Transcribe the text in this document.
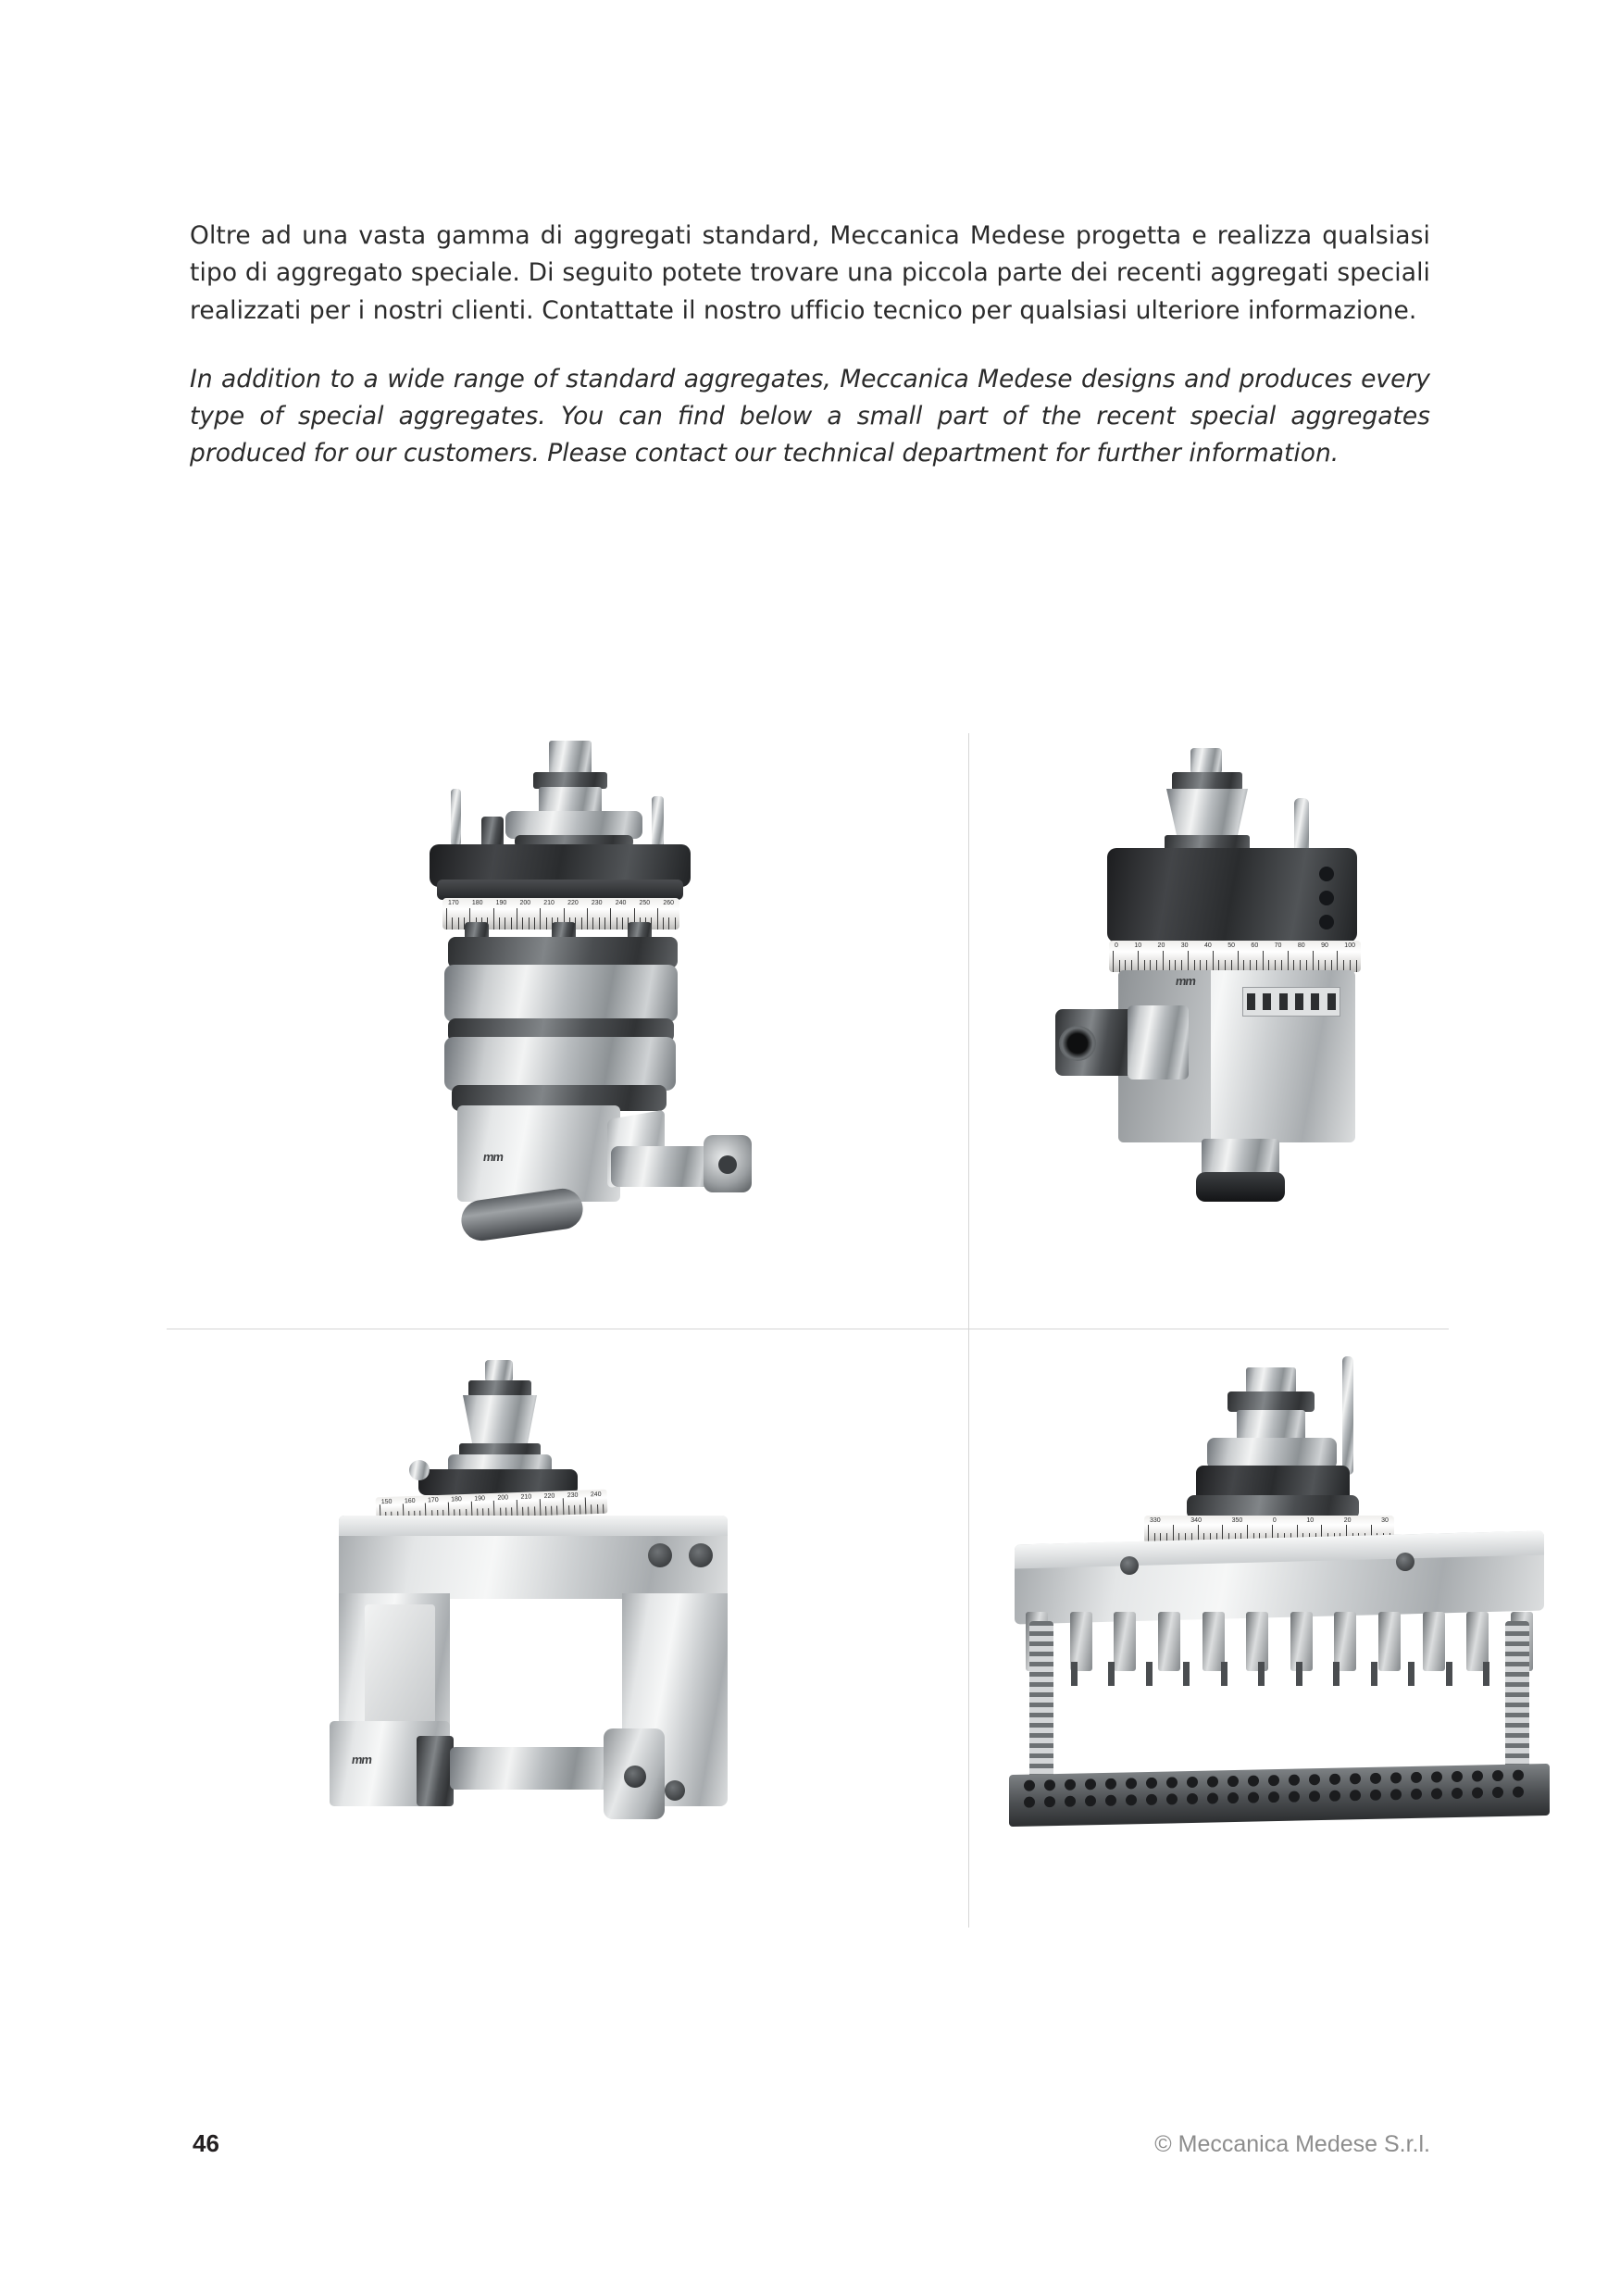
Oltre ad una vasta gamma di aggregati standard, Meccanica Medese progetta e realizza qualsiasi tipo di aggregato speciale. Di seguito potete trovare una piccola parte dei recenti aggregati speciali realizzati per i nostri clienti. Contattate il nostro ufficio tecnico per qualsiasi ulteriore informazione.

In addition to a wide range of standard aggregates, Meccanica Medese designs and produces every type of special aggregates. You can find below a small part of the recent special aggregates produced for our customers. Please contact our technical department for further information.

170 180 190 200 210 220 230 240 250 260
mm
0 10 20 30 40 50 60 70 80 90 100
mm
150 160 170 180 190 200 210 220 230 240
mm
330	340	350	0	10	20	30
46	© Meccanica Medese S.r.l.
